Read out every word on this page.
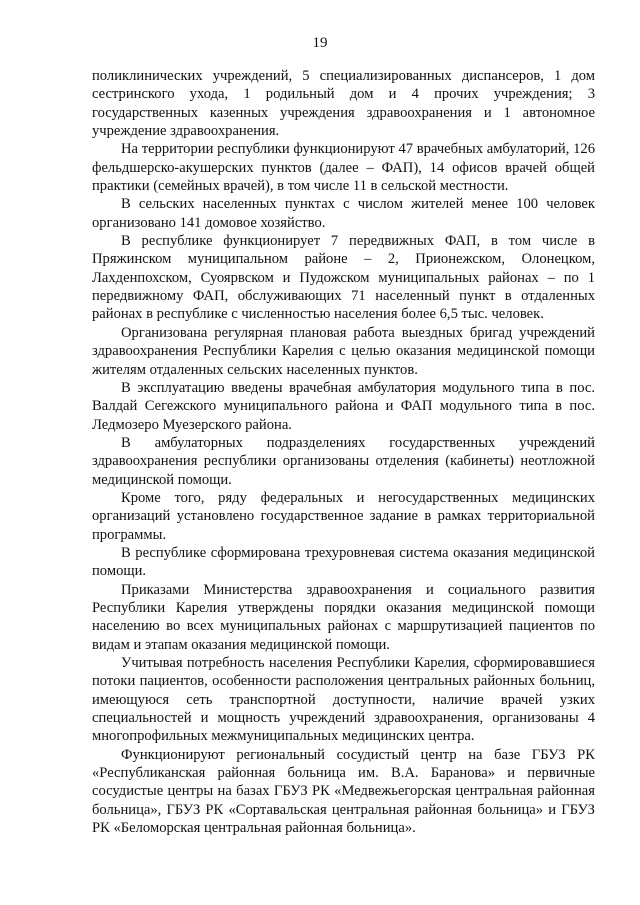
19

поликлинических учреждений, 5 специализированных диспансеров, 1 дом сестринского ухода, 1 родильный дом и 4 прочих учреждения; 3 государственных казенных учреждения здравоохранения и 1 автономное учреждение здравоохранения.

На территории республики функционируют 47 врачебных амбулаторий, 126 фельдшерско-акушерских пунктов (далее – ФАП), 14 офисов врачей общей практики (семейных врачей), в том числе 11 в сельской местности.

В сельских населенных пунктах с числом жителей менее 100 человек организовано 141 домовое хозяйство.

В республике функционирует 7 передвижных ФАП, в том числе в Пряжинском муниципальном районе – 2, Прионежском, Олонецком, Лахденпохском, Суоярвском и Пудожском муниципальных районах – по 1 передвижному ФАП, обслуживающих 71 населенный пункт в отдаленных районах в республике с численностью населения более 6,5 тыс. человек.

Организована регулярная плановая работа выездных бригад учреждений здравоохранения Республики Карелия с целью оказания медицинской помощи жителям отдаленных сельских населенных пунктов.

В эксплуатацию введены врачебная амбулатория модульного типа в пос. Валдай Сегежского муниципального района и ФАП модульного типа в пос. Ледмозеро Муезерского района.

В амбулаторных подразделениях государственных учреждений здравоохранения республики организованы отделения (кабинеты) неотложной медицинской помощи.

Кроме того, ряду федеральных и негосударственных медицинских организаций установлено государственное задание в рамках территориальной программы.

В республике сформирована трехуровневая система оказания медицинской помощи.

Приказами Министерства здравоохранения и социального развития Республики Карелия утверждены порядки оказания медицинской помощи населению во всех муниципальных районах с маршрутизацией пациентов по видам и этапам оказания медицинской помощи.

Учитывая потребность населения Республики Карелия, сформировавшиеся потоки пациентов, особенности расположения центральных районных больниц, имеющуюся сеть транспортной доступности, наличие врачей узких специальностей и мощность учреждений здравоохранения, организованы 4 многопрофильных межмуниципальных медицинских центра.

Функционируют региональный сосудистый центр на базе ГБУЗ РК «Республиканская районная больница им. В.А. Баранова» и первичные сосудистые центры на базах ГБУЗ РК «Медвежьегорская центральная районная больница», ГБУЗ РК «Сортавальская центральная районная больница» и ГБУЗ РК «Беломорская центральная районная больница».
